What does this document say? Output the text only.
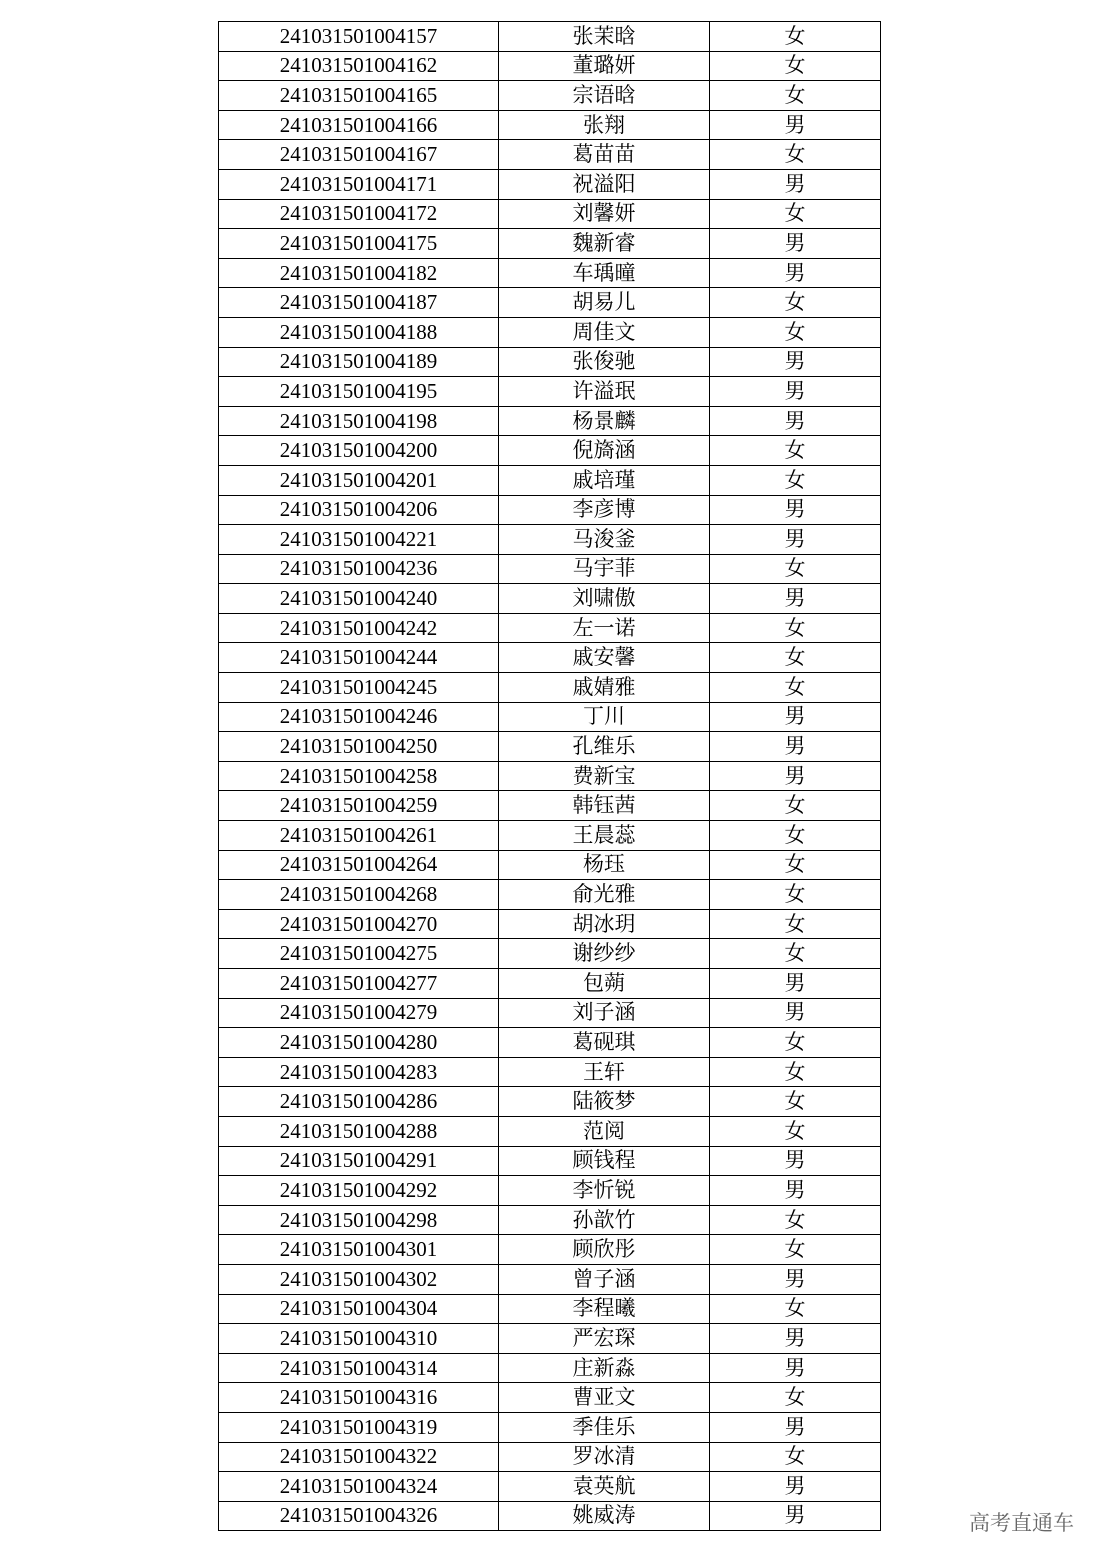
241031501004157	张茉晗	女
241031501004162	董璐妍	女
241031501004165	宗语晗	女
241031501004166	张翔	男
241031501004167	葛苗苗	女
241031501004171	祝溢阳	男
241031501004172	刘馨妍	女
241031501004175	魏新睿	男
241031501004182	车瑀曈	男
241031501004187	胡易儿	女
241031501004188	周佳文	女
241031501004189	张俊驰	男
241031501004195	许溢珉	男
241031501004198	杨景麟	男
241031501004200	倪旖涵	女
241031501004201	戚培瑾	女
241031501004206	李彦博	男
241031501004221	马浚釜	男
241031501004236	马宇菲	女
241031501004240	刘啸傲	男
241031501004242	左一诺	女
241031501004244	戚安馨	女
241031501004245	戚婧雅	女
241031501004246	丁川	男
241031501004250	孔维乐	男
241031501004258	费新宝	男
241031501004259	韩钰茜	女
241031501004261	王晨蕊	女
241031501004264	杨珏	女
241031501004268	俞光雅	女
241031501004270	胡冰玥	女
241031501004275	谢纱纱	女
241031501004277	包蒴	男
241031501004279	刘子涵	男
241031501004280	葛砚琪	女
241031501004283	王轩	女
241031501004286	陆筱梦	女
241031501004288	范阅	女
241031501004291	顾钱程	男
241031501004292	李忻锐	男
241031501004298	孙歆竹	女
241031501004301	顾欣彤	女
241031501004302	曾子涵	男
241031501004304	李程曦	女
241031501004310	严宏琛	男
241031501004314	庄新淼	男
241031501004316	曹亚文	女
241031501004319	季佳乐	男
241031501004322	罗冰清	女
241031501004324	袁英航	男
241031501004326	姚威涛	男	高考直通车
